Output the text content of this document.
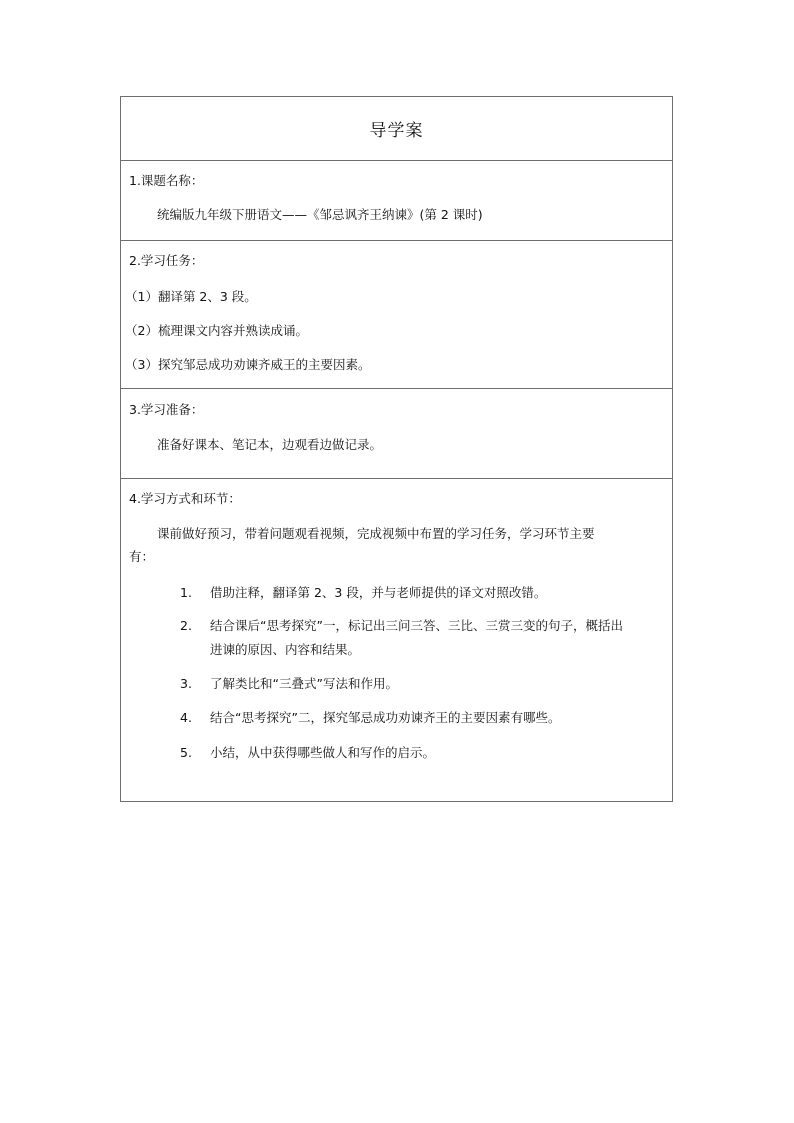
导学案
1.课题名称：
统编版九年级下册语文——《邹忌讽齐王纳谏》(第 2 课时)
2.学习任务：
（1）翻译第 2、3 段。
（2）梳理课文内容并熟读成诵。
（3）探究邹忌成功劝谏齐威王的主要因素。
3.学习准备：
准备好课本、笔记本，边观看边做记录。
4.学习方式和环节：
课前做好预习，带着问题观看视频，完成视频中布置的学习任务，学习环节主要
有：
1. 借助注释，翻译第 2、3 段，并与老师提供的译文对照改错。
2. 结合课后“思考探究”一，标记出三问三答、三比、三赏三变的句子，概括出
进谏的原因、内容和结果。
3. 了解类比和“三叠式”写法和作用。
4. 结合“思考探究”二，探究邹忌成功劝谏齐王的主要因素有哪些。
5. 小结，从中获得哪些做人和写作的启示。
